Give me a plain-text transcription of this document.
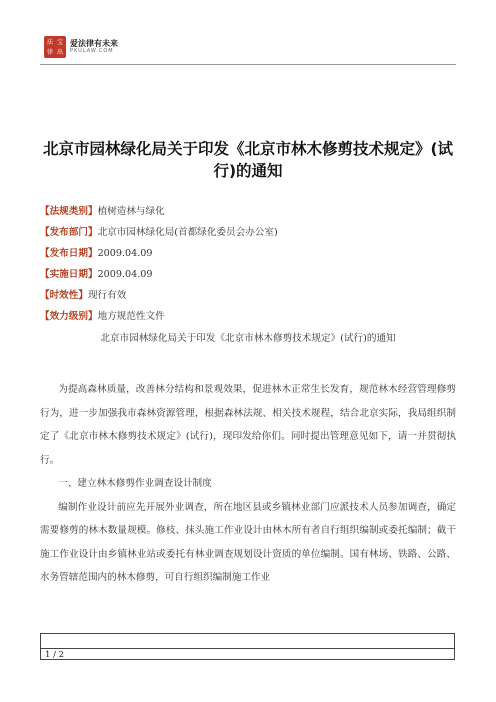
法 宝
律 出
爱法律有未来
PKULAW.COM
北京市园林绿化局关于印发《北京市林木修剪技术规定》(试行)的通知
【法规类别】植树造林与绿化
【发布部门】北京市园林绿化局(首都绿化委员会办公室)
【发布日期】2009.04.09
【实施日期】2009.04.09
【时效性】现行有效
【效力级别】地方规范性文件
北京市园林绿化局关于印发《北京市林木修剪技术规定》(试行)的通知

为提高森林质量，改善林分结构和景观效果，促进林木正常生长发育，规范林木经营管理修剪行为，进一步加强我市森林资源管理，根据森林法规、相关技术规程，结合北京实际，我局组织制定了《北京市林木修剪技术规定》(试行)，现印发给你们。同时提出管理意见如下，请一并贯彻执行。

一、建立林木修剪作业调查设计制度

编制作业设计前应先开展外业调查，所在地区县或乡镇林业部门应派技术人员参加调查，确定需要修剪的林木数量规模。修枝、抹头施工作业设计由林木所有者自行组织编制或委托编制；截干施工作业设计由乡镇林业站或委托有林业调查规划设计资质的单位编制。国有林场、铁路、公路、水务管辖范围内的林木修剪，可自行组织编制施工作业

1 / 2
